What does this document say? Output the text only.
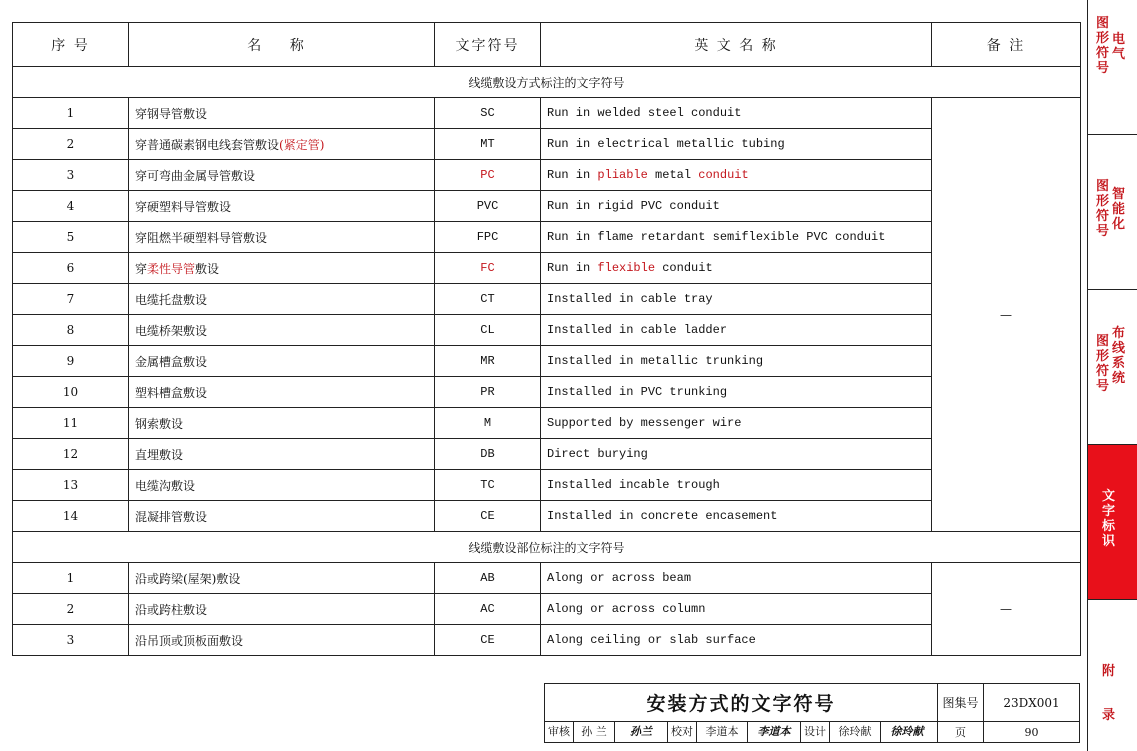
序 号	名 称	文字符号	英 文 名 称	备 注
线缆敷设方式标注的文字符号				
1	穿钢导管敷设	SC	Run in welded steel conduit	—
2	穿普通碳素钢电线套管敷设(紧定管)	MT	Run in electrical metallic tubing	
3	穿可弯曲金属导管敷设	PC	Run in pliable metal conduit	
4	穿硬塑料导管敷设	PVC	Run in rigid PVC conduit	
5	穿阻燃半硬塑料导管敷设	FPC	Run in flame retardant semiflexible PVC conduit	
6	穿柔性导管敷设	FC	Run in flexible conduit	
7	电缆托盘敷设	CT	Installed in cable tray	
8	电缆桥架敷设	CL	Installed in cable ladder	
9	金属槽盒敷设	MR	Installed in metallic trunking	
10	塑料槽盒敷设	PR	Installed in PVC trunking	
11	钢索敷设	M	Supported by messenger wire	
12	直埋敷设	DB	Direct burying	
13	电缆沟敷设	TC	Installed incable trough	
14	混凝排管敷设	CE	Installed in concrete encasement	
线缆敷设部位标注的文字符号				
1	沿或跨梁(屋架)敷设	AB	Along or across beam	—
2	沿或跨柱敷设	AC	Along or across column	
3	沿吊顶或顶板面敷设	CE	Along ceiling or slab surface	
安装方式的文字符号	图集号	23DX001
审核	孙 兰	孙兰	校对	李道本	李道本	设计	徐玲献	徐玲献	页	90
图形符号
电气
图形符号
智能化
图形符号
布线系统
文字标识
附录
